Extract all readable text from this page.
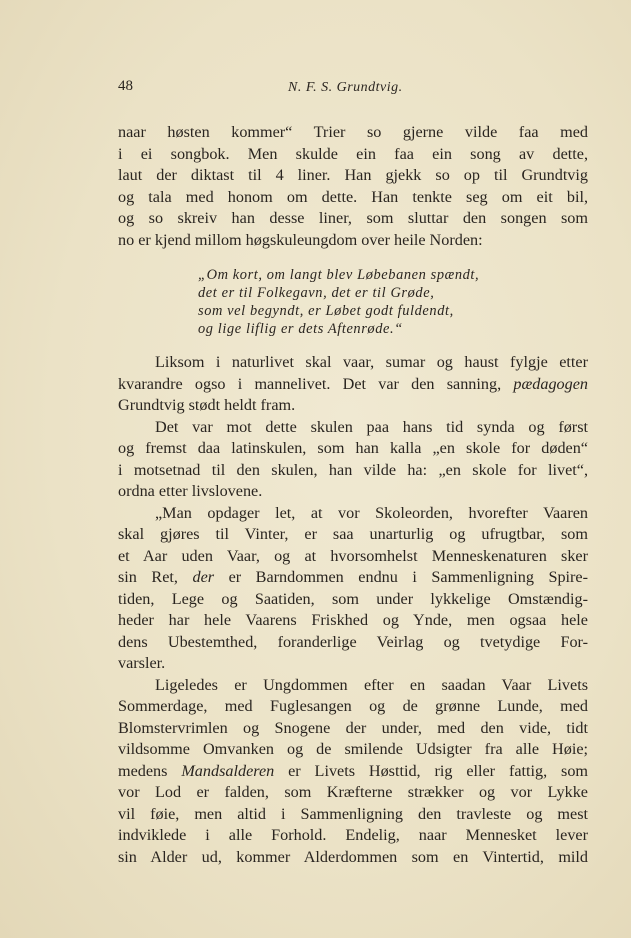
48	N. F. S. Grundtvig.

naar høsten kommer“ Trier so gjerne vilde faa med

i ei songbok. Men skulde ein faa ein song av dette,

laut der diktast til 4 liner. Han gjekk so op til Grundtvig

og tala med honom om dette. Han tenkte seg om eit bil,

og so skreiv han desse liner, som sluttar den songen som

no er kjend millom høgskuleungdom over heile Norden:

„Om kort, om langt blev Løbebanen spændt,
det er til Folkegavn, det er til Grøde,
som vel begyndt, er Løbet godt fuldendt,
og lige liflig er dets Aftenrøde.“

Liksom i naturlivet skal vaar, sumar og haust fylgje etter

kvarandre ogso i mannelivet. Det var den sanning, pædagogen

Grundtvig stødt heldt fram.

Det var mot dette skulen paa hans tid synda og først

og fremst daa latinskulen, som han kalla „en skole for døden“

i motsetnad til den skulen, han vilde ha: „en skole for livet“,

ordna etter livslovene.

„Man opdager let, at vor Skoleorden, hvorefter Vaaren

skal gjøres til Vinter, er saa unarturlig og ufrugtbar, som

et Aar uden Vaar, og at hvorsomhelst Menneskenaturen sker

sin Ret, der er Barndommen endnu i Sammenligning Spire-

tiden, Lege og Saatiden, som under lykkelige Omstændig-

heder har hele Vaarens Friskhed og Ynde, men ogsaa hele

dens Ubestemthed, foranderlige Veirlag og tvetydige For-

varsler.

Ligeledes er Ungdommen efter en saadan Vaar Livets

Sommerdage, med Fuglesangen og de grønne Lunde, med

Blomstervrimlen og Snogene der under, med den vide, tidt

vildsomme Omvanken og de smilende Udsigter fra alle Høie;

medens Mandsalderen er Livets Høsttid, rig eller fattig, som

vor Lod er falden, som Kræfterne strækker og vor Lykke

vil føie, men altid i Sammenligning den travleste og mest

indviklede i alle Forhold. Endelig, naar Mennesket lever

sin Alder ud, kommer Alderdommen som en Vintertid, mild
